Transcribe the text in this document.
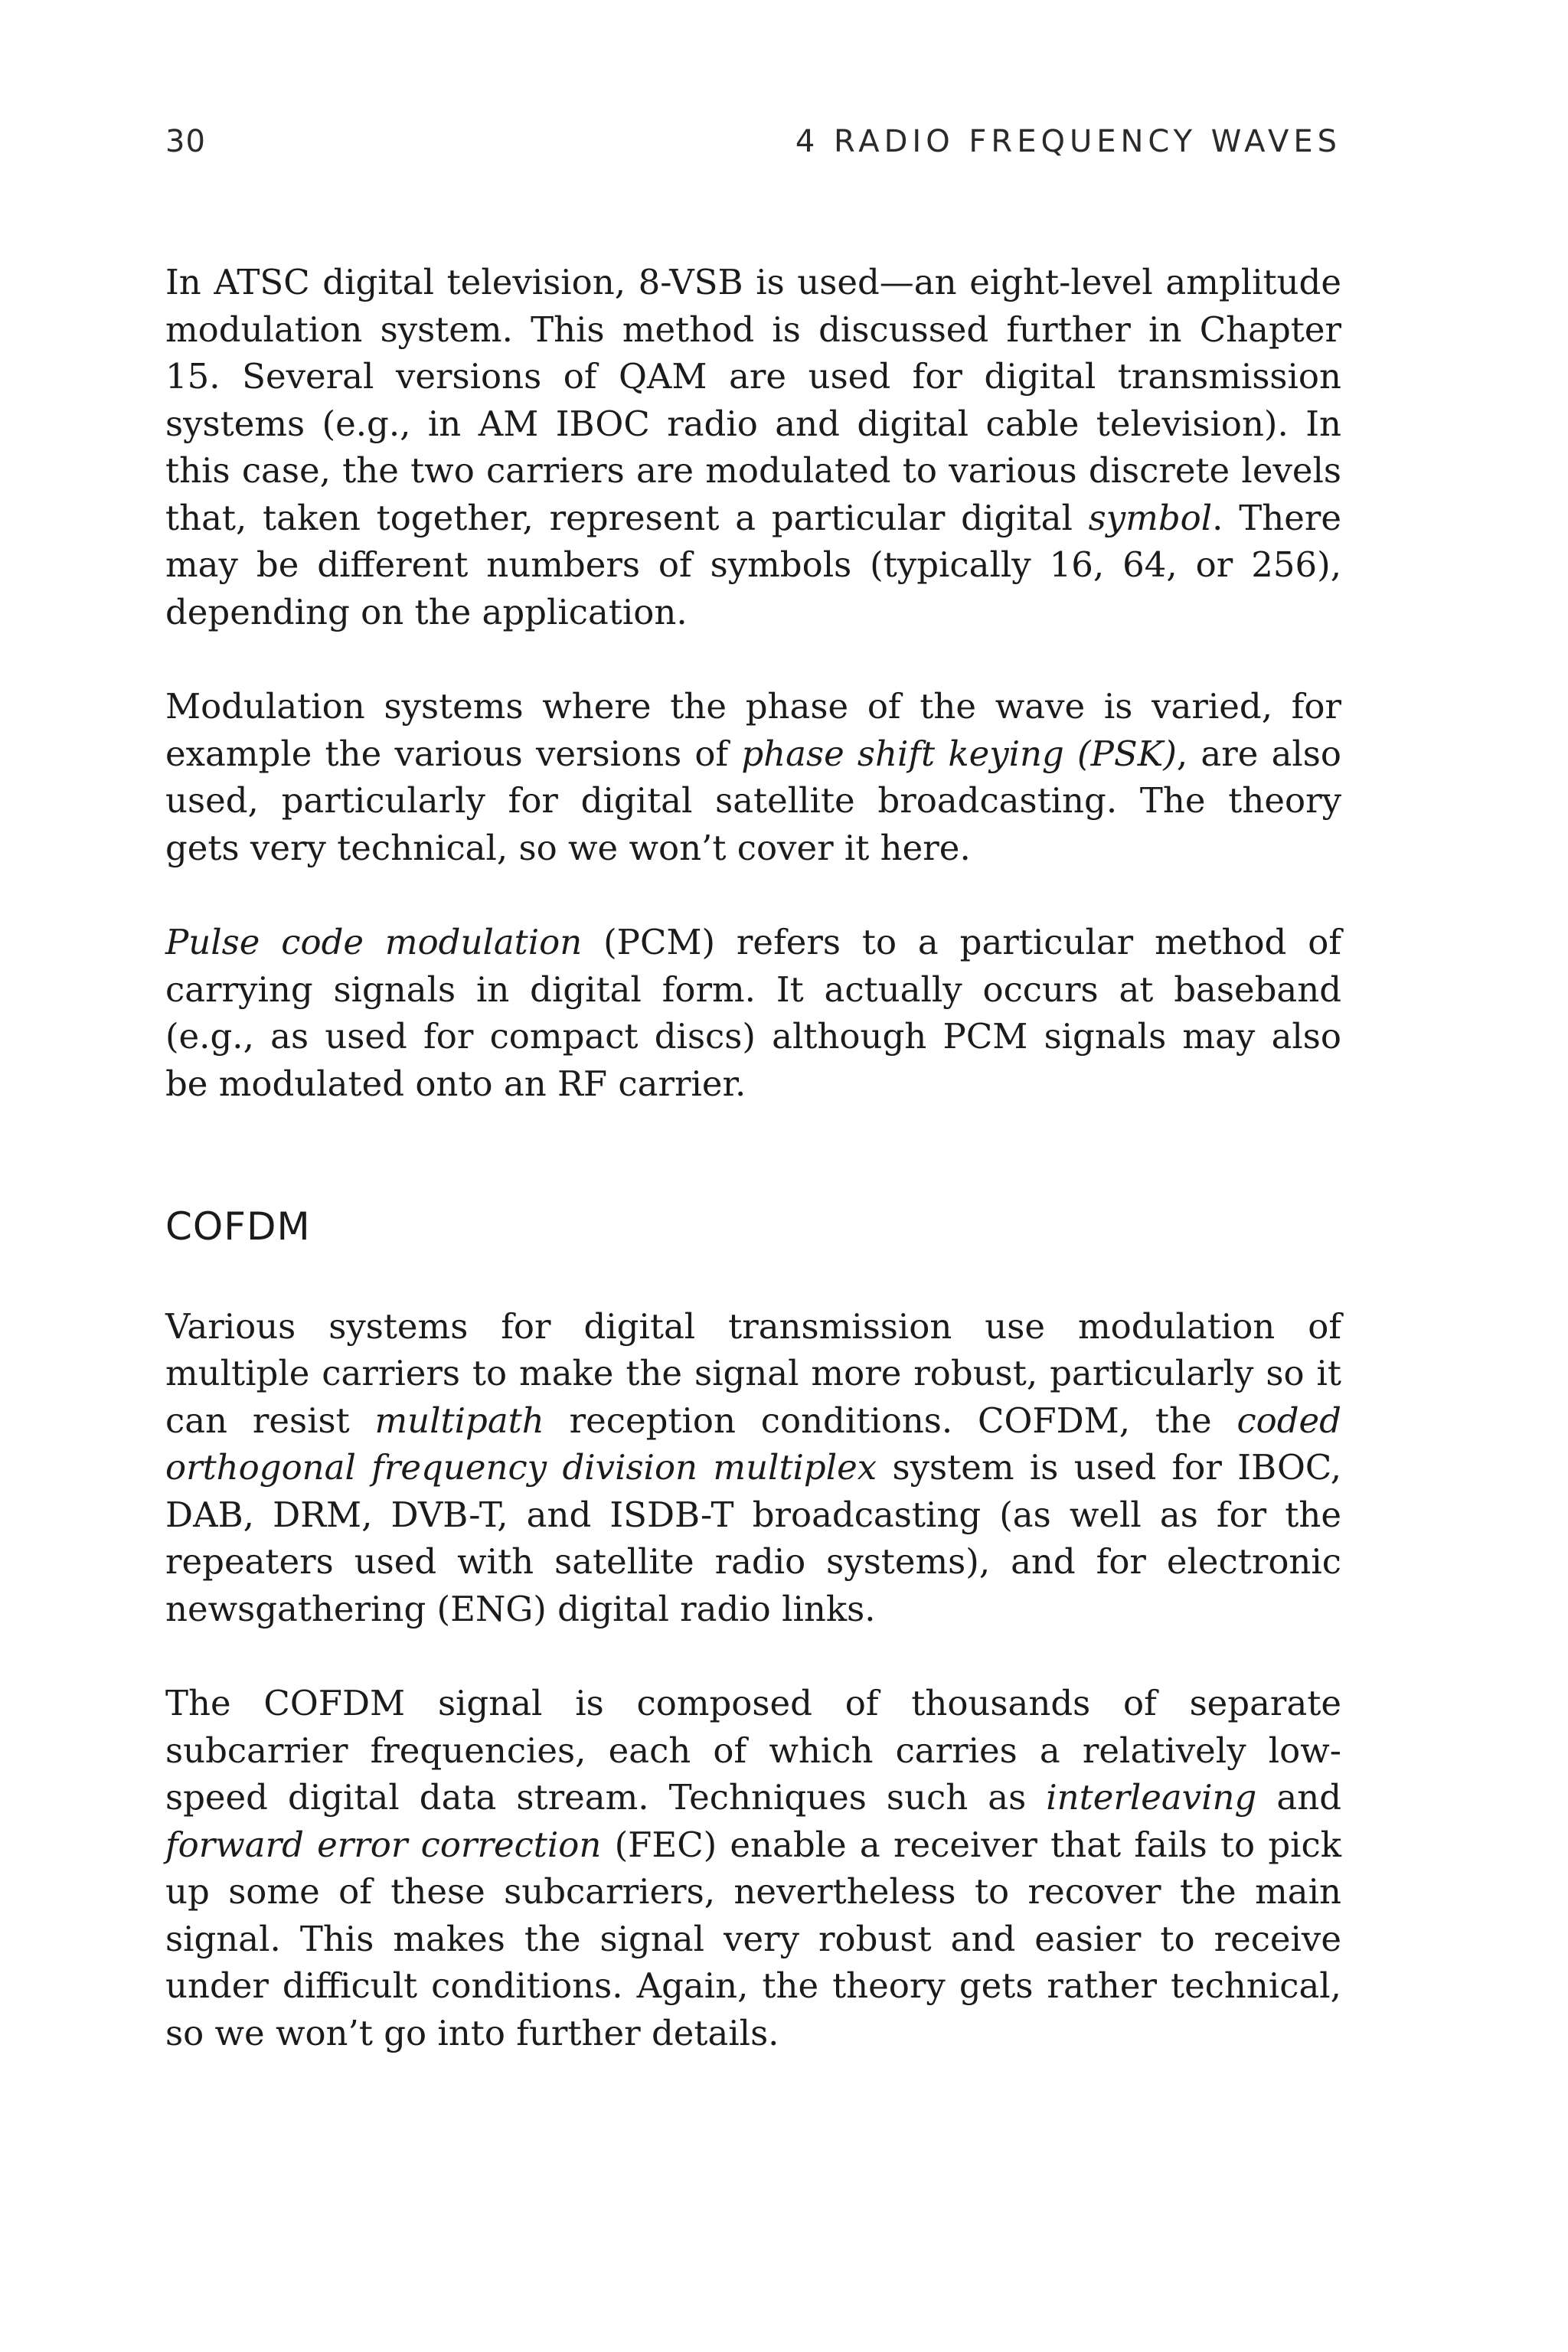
30	4 RADIO FREQUENCY WAVES

In ATSC digital television, 8-VSB is used—an eight-level amplitude modulation system. This method is discussed further in Chapter 15. Several versions of QAM are used for digital transmission systems (e.g., in AM IBOC radio and digital cable television). In this case, the two carriers are modulated to various discrete levels that, taken together, represent a particular digital symbol. There may be different numbers of symbols (typically 16, 64, or 256), depending on the application.

Modulation systems where the phase of the wave is varied, for example the various versions of phase shift keying (PSK), are also used, particularly for digital satellite broadcasting. The theory gets very technical, so we won’t cover it here.

Pulse code modulation (PCM) refers to a particular method of carrying signals in digital form. It actually occurs at baseband (e.g., as used for compact discs) although PCM signals may also be modulated onto an RF carrier.

COFDM

Various systems for digital transmission use modulation of multiple carriers to make the signal more robust, particularly so it can resist multipath reception conditions. COFDM, the coded orthogonal frequency division multiplex system is used for IBOC, DAB, DRM, DVB-T, and ISDB-T broadcasting (as well as for the repeaters used with satellite radio systems), and for electronic newsgathering (ENG) digital radio links.

The COFDM signal is composed of thousands of separate subcarrier frequencies, each of which carries a relatively low-speed digital data stream. Techniques such as interleaving and forward error correction (FEC) enable a receiver that fails to pick up some of these subcarriers, nevertheless to recover the main signal. This makes the signal very robust and easier to receive under difficult conditions. Again, the theory gets rather technical, so we won’t go into further details.
